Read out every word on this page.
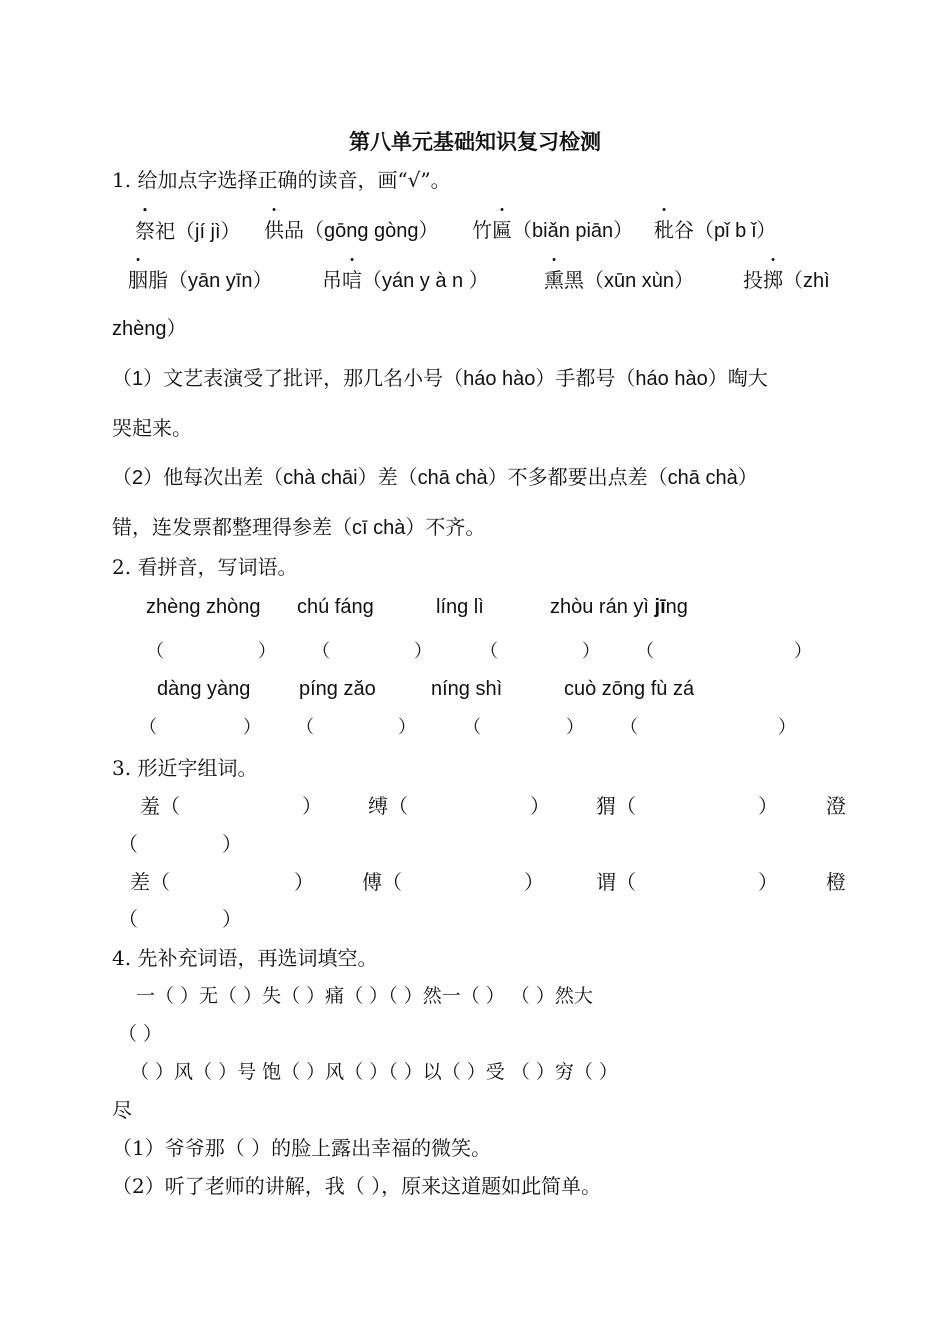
第八单元基础知识复习检测
1. 给加点字选择正确的读音，画“√”。
祭祀（jí jì） 供品（gōng gòng） 竹匾（biǎn piān） 秕谷（pǐ b ǐ）
胭脂（yān yīn） 吊唁（yán y à n ）	熏黑（xūn xùn） 投掷（zhì
zhèng）
（1）文艺表演受了批评，那几名小号（háo hào）手都号（háo hào）啕大
哭起来。
（2）他每次出差（chà chāi）差（chā chà）不多都要出点差（chā chà）
错，连发票都整理得参差（cī chà）不齐。
2. 看拼音，写词语。
zhèng zhòng chú fáng	líng lì	zhòu rán yì jīng
（	） （	）	（	） （	）
dàng yàng píng zǎo	níng shì	cuò zōng fù zá
（	） （	）	（	） （	）
3. 形近字组词。
羞（	） 缚（	） 猬（	） 澄
（	）
差（	） 傅（	）	谓（	） 橙
（	）
4. 先补充词语，再选词填空。
一（ ）无（ ）失（ ）痛（ ）（ ）然一（ ） （ ）然大
（ ）
（ ）风（ ）号 饱（ ）风（ ）（ ）以（ ）受 （ ）穷（ ）
尽
（1）爷爷那（ ）的脸上露出幸福的微笑。
（2）听了老师的讲解，我（ ），原来这道题如此简单。
